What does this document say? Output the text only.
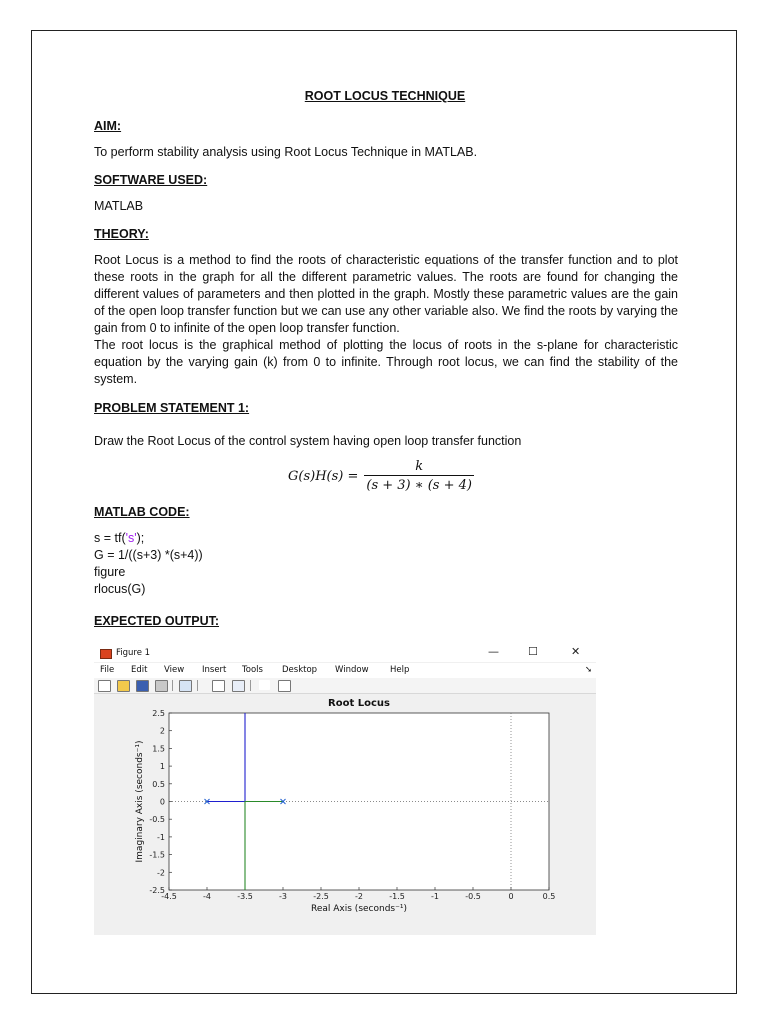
ROOT LOCUS TECHNIQUE
AIM:
To perform stability analysis using Root Locus Technique in MATLAB.
SOFTWARE USED:
MATLAB
THEORY:

Root Locus is a method to find the roots of characteristic equations of the transfer function and to plot these roots in the graph for all the different parametric values. The roots are found for changing the different values of parameters and then plotted in the graph. Mostly these parametric values are the gain of the open loop transfer function but we can use any other variable also. We find the roots by varying the gain from 0 to infinite of the open loop transfer function.

The root locus is the graphical method of plotting the locus of roots in the s-plane for characteristic equation by the varying gain (k) from 0 to infinite. Through root locus, we can find the stability of the system.

PROBLEM STATEMENT 1:
Draw the Root Locus of the control system having open loop transfer function
$G(s)H(s) = \frac{k}{(s + 3) ∗ (s + 4)}$
MATLAB CODE:
s = tf('s');
G = 1/((s+3) *(s+4))
figure
rlocus(G)
EXPECTED OUTPUT:
Figure 1	—	☐	✕
File Edit View Insert Tools Desktop Window	Help	➘
Root Locus
-4.5	-4	-3.5	-3	-2.5	-2	-1.5	-1	-0.5	0	0.5
2.5
2
1.5
1
0.5
0
-0.5
-1
-1.5
-2
-2.5
Real Axis (seconds⁻¹)
Imaginary Axis (seconds⁻¹)
